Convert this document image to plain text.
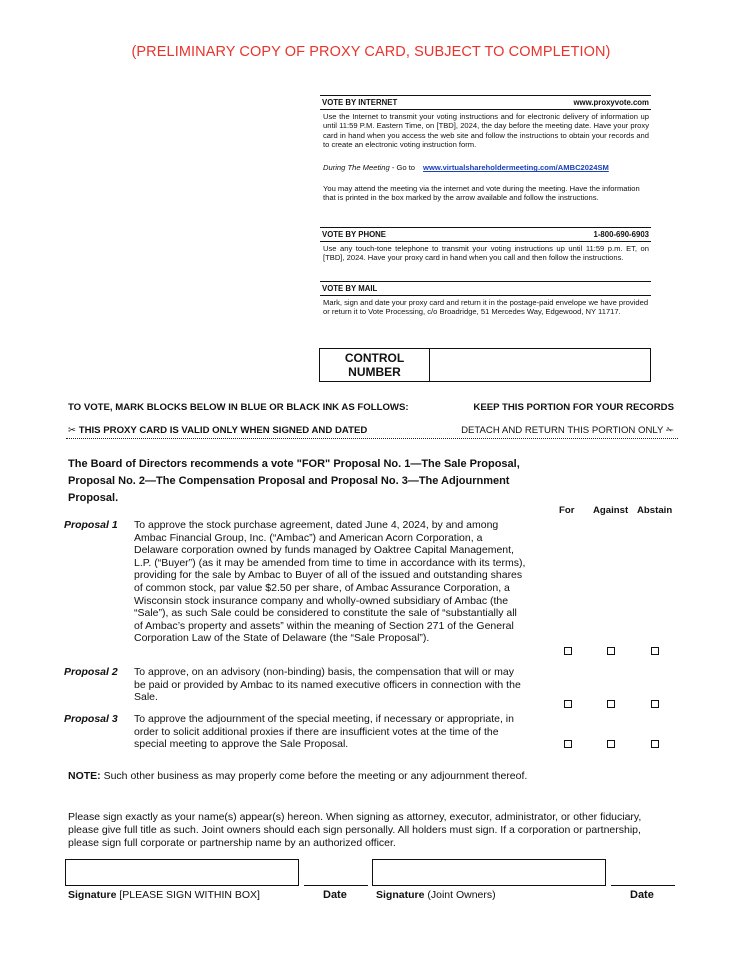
(PRELIMINARY COPY OF PROXY CARD, SUBJECT TO COMPLETION)
VOTE BY INTERNET	www.proxyvote.com
Use the Internet to transmit your voting instructions and for electronic delivery of information up until 11:59 P.M. Eastern Time, on [TBD], 2024, the day before the meeting date. Have your proxy card in hand when you access the web site and follow the instructions to obtain your records and to create an electronic voting instruction form.
During The Meeting - Go to www.virtualshareholdermeeting.com/AMBC2024SM
You may attend the meeting via the internet and vote during the meeting. Have the information that is printed in the box marked by the arrow available and follow the instructions.
VOTE BY PHONE	1-800-690-6903
Use any touch-tone telephone to transmit your voting instructions up until 11:59 p.m. ET, on [TBD], 2024. Have your proxy card in hand when you call and then follow the instructions.
VOTE BY MAIL
Mark, sign and date your proxy card and return it in the postage-paid envelope we have provided or return it to Vote Processing, c/o Broadridge, 51 Mercedes Way, Edgewood, NY 11717.
CONTROL
NUMBER
TO VOTE, MARK BLOCKS BELOW IN BLUE OR BLACK INK AS FOLLOWS:	KEEP THIS PORTION FOR YOUR RECORDS
✂ THIS PROXY CARD IS VALID ONLY WHEN SIGNED AND DATED	DETACH AND RETURN THIS PORTION ONLY ✁
The Board of Directors recommends a vote "FOR" Proposal No. 1—The Sale Proposal, Proposal No. 2—The Compensation Proposal and Proposal No. 3—The Adjournment Proposal.
For Against Abstain
Proposal 1 To approve the stock purchase agreement, dated June 4, 2024, by and among Ambac Financial Group, Inc. (“Ambac”) and American Acorn Corporation, a Delaware corporation owned by funds managed by Oaktree Capital Management, L.P. (“Buyer”) (as it may be amended from time to time in accordance with its terms), providing for the sale by Ambac to Buyer of all of the issued and outstanding shares of common stock, par value $2.50 per share, of Ambac Assurance Corporation, a Wisconsin stock insurance company and wholly-owned subsidiary of Ambac (the “Sale”), as such Sale could be considered to constitute the sale of “substantially all of Ambac’s property and assets” within the meaning of Section 271 of the General Corporation Law of the State of Delaware (the “Sale Proposal”).
Proposal 2 To approve, on an advisory (non-binding) basis, the compensation that will or may be paid or provided by Ambac to its named executive officers in connection with the Sale.
Proposal 3 To approve the adjournment of the special meeting, if necessary or appropriate, in order to solicit additional proxies if there are insufficient votes at the time of the special meeting to approve the Sale Proposal.
NOTE: Such other business as may properly come before the meeting or any adjournment thereof.
Please sign exactly as your name(s) appear(s) hereon. When signing as attorney, executor, administrator, or other fiduciary, please give full title as such. Joint owners should each sign personally. All holders must sign. If a corporation or partnership, please sign full corporate or partnership name by an authorized officer.
Signature [PLEASE SIGN WITHIN BOX]	Date	Signature (Joint Owners)	Date
